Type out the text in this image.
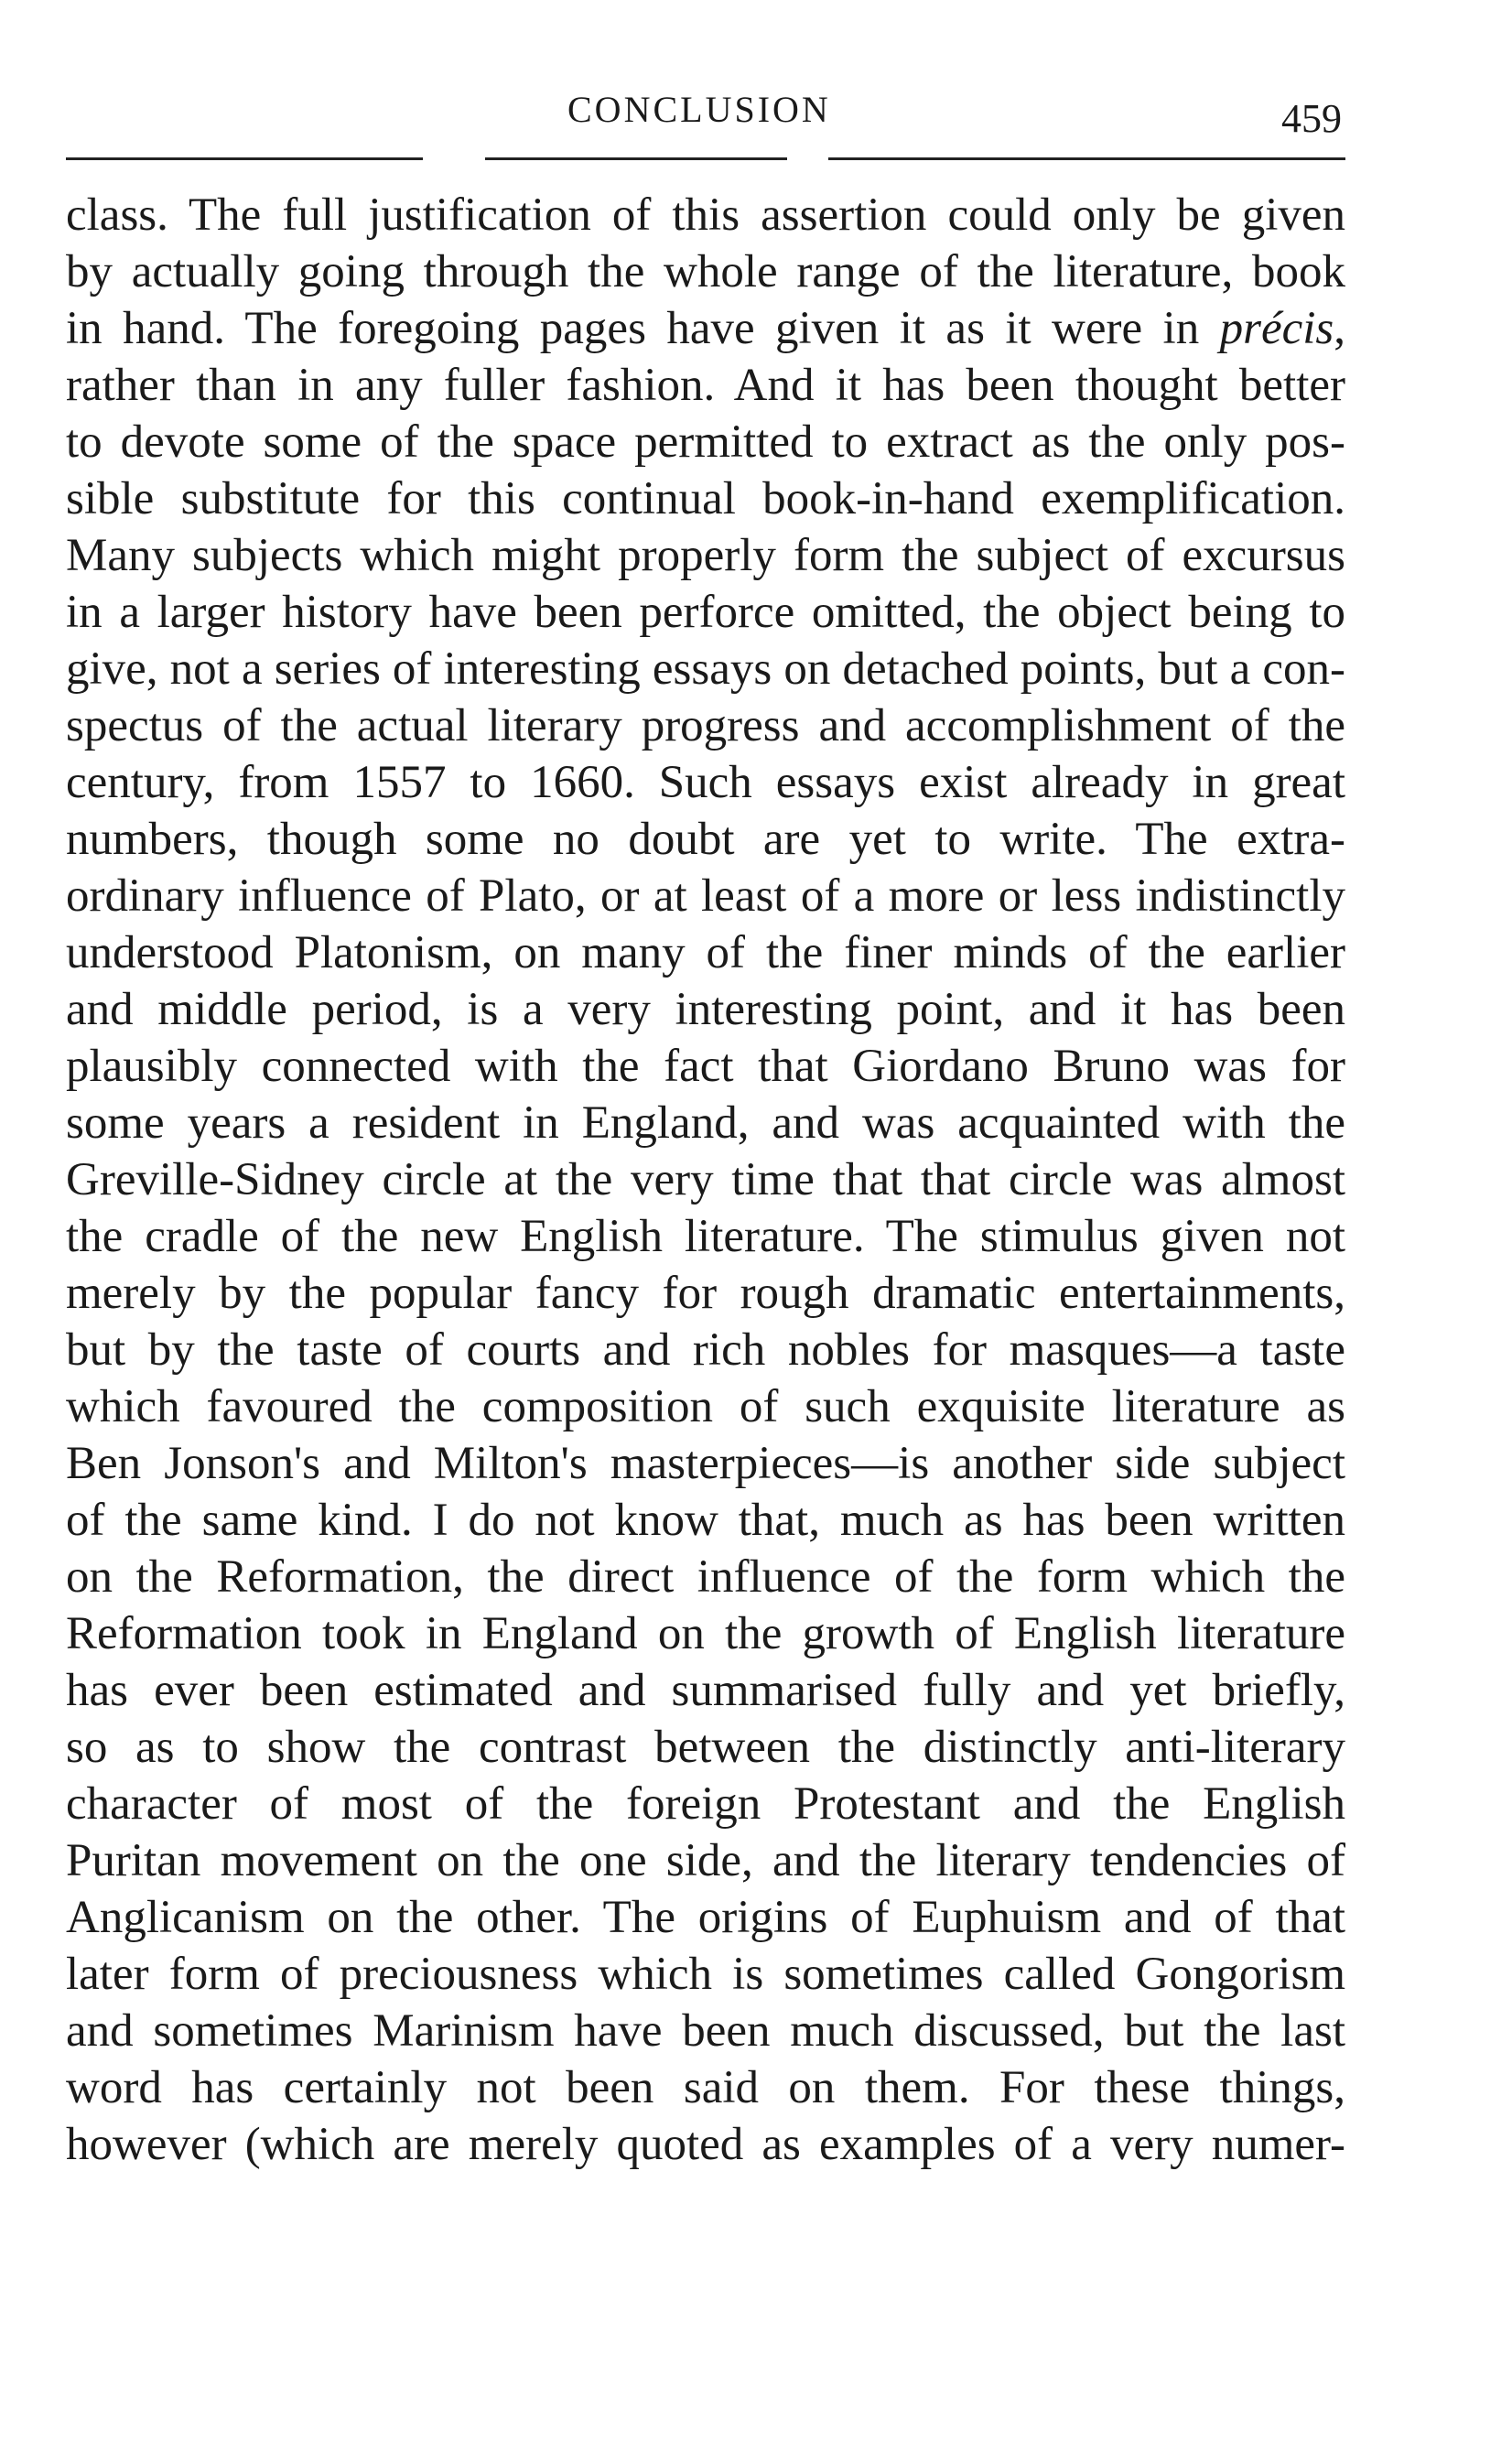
CONCLUSION	459
class. The full justification of this assertion could only be given
by actually going through the whole range of the literature, book
in hand. The foregoing pages have given it as it were in précis,
rather than in any fuller fashion. And it has been thought better
to devote some of the space permitted to extract as the only pos-
sible substitute for this continual book-in-hand exemplification.
Many subjects which might properly form the subject of excursus
in a larger history have been perforce omitted, the object being to
give, not a series of interesting essays on detached points, but a con-
spectus of the actual literary progress and accomplishment of the
century, from 1557 to 1660. Such essays exist already in great
numbers, though some no doubt are yet to write. The extra-
ordinary influence of Plato, or at least of a more or less indistinctly
understood Platonism, on many of the finer minds of the earlier
and middle period, is a very interesting point, and it has been
plausibly connected with the fact that Giordano Bruno was for
some years a resident in England, and was acquainted with the
Greville-Sidney circle at the very time that that circle was almost
the cradle of the new English literature. The stimulus given not
merely by the popular fancy for rough dramatic entertainments,
but by the taste of courts and rich nobles for masques—a taste
which favoured the composition of such exquisite literature as
Ben Jonson's and Milton's masterpieces—is another side subject
of the same kind. I do not know that, much as has been written
on the Reformation, the direct influence of the form which the
Reformation took in England on the growth of English literature
has ever been estimated and summarised fully and yet briefly,
so as to show the contrast between the distinctly anti-literary
character of most of the foreign Protestant and the English
Puritan movement on the one side, and the literary tendencies of
Anglicanism on the other. The origins of Euphuism and of that
later form of preciousness which is sometimes called Gongorism
and sometimes Marinism have been much discussed, but the last
word has certainly not been said on them. For these things,
however (which are merely quoted as examples of a very numer-
